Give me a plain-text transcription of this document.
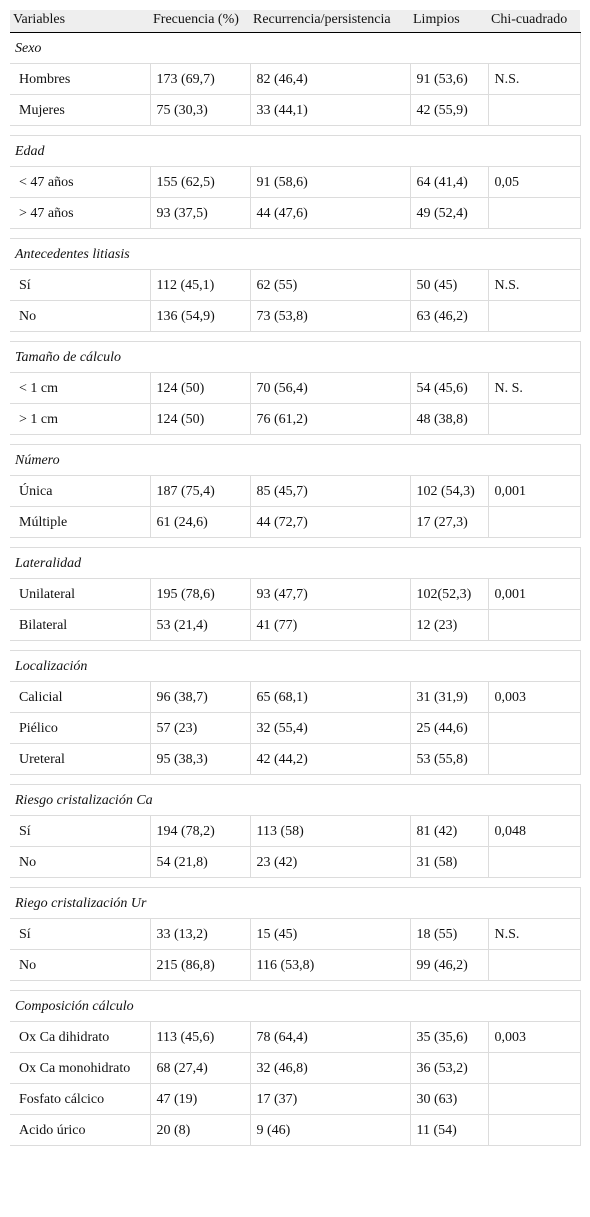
Variables	Frecuencia (%)	Recurrencia/persistencia	Limpios	Chi-cuadrado
Sexo				
Hombres	173 (69,7)	82 (46,4)	91 (53,6)	N.S.
Mujeres	75 (30,3)	33 (44,1)	42 (55,9)	

Edad				
< 47 años	155 (62,5)	91 (58,6)	64 (41,4)	0,05
> 47 años	93 (37,5)	44 (47,6)	49 (52,4)	

Antecedentes litiasis				
Sí	112 (45,1)	62 (55)	50 (45)	N.S.
No	136 (54,9)	73 (53,8)	63 (46,2)	

Tamaño de cálculo				
< 1 cm	124 (50)	70 (56,4)	54 (45,6)	N. S.
> 1 cm	124 (50)	76 (61,2)	48 (38,8)	

Número				
Única	187 (75,4)	85 (45,7)	102 (54,3)	0,001
Múltiple	61 (24,6)	44 (72,7)	17 (27,3)	

Lateralidad				
Unilateral	195 (78,6)	93 (47,7)	102(52,3)	0,001
Bilateral	53 (21,4)	41 (77)	12 (23)	

Localización				
Calicial	96 (38,7)	65 (68,1)	31 (31,9)	0,003
Piélico	57 (23)	32 (55,4)	25 (44,6)	
Ureteral	95 (38,3)	42 (44,2)	53 (55,8)	

Riesgo cristalización Ca				
Sí	194 (78,2)	113 (58)	81 (42)	0,048
No	54 (21,8)	23 (42)	31 (58)	

Riego cristalización Ur				
Sí	33 (13,2)	15 (45)	18 (55)	N.S.
No	215 (86,8)	116 (53,8)	99 (46,2)	

Composición cálculo				
Ox Ca dihidrato	113 (45,6)	78 (64,4)	35 (35,6)	0,003
Ox Ca monohidrato	68 (27,4)	32 (46,8)	36 (53,2)	
Fosfato cálcico	47 (19)	17 (37)	30 (63)	
Acido úrico	20 (8)	9 (46)	11 (54)	
